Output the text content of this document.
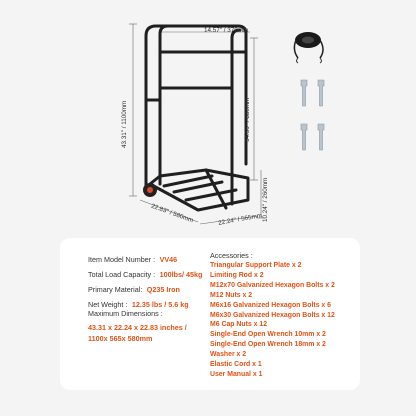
14.57" / 370mm
43.31" / 1100mm	34.56" / 880mm
10.24" / 260mm
22.83" / 580mm	22.24" / 565mm
Item Model Number : VV46
Total Load Capacity : 100lbs/ 45kg
Primary Material: Q235 Iron
Net Weight : 12.35 lbs / 5.6 kg
Maximum Dimensions :
43.31 x 22.24 x 22.83 inches /
1100x 565x 580mm
Accessories :
Triangular Support Plate x 2
Limiting Rod x 2
M12x70 Galvanized Hexagon Bolts x 2
M12 Nuts x 2
M6x16 Galvanized Hexagon Bolts x 6
M6x30 Galvanized Hexagon Bolts x 12
M6 Cap Nuts x 12
Single-End Open Wrench 10mm x 2
Single-End Open Wrench 18mm x 2
Washer x 2
Elastic Cord x 1
User Manual x 1
